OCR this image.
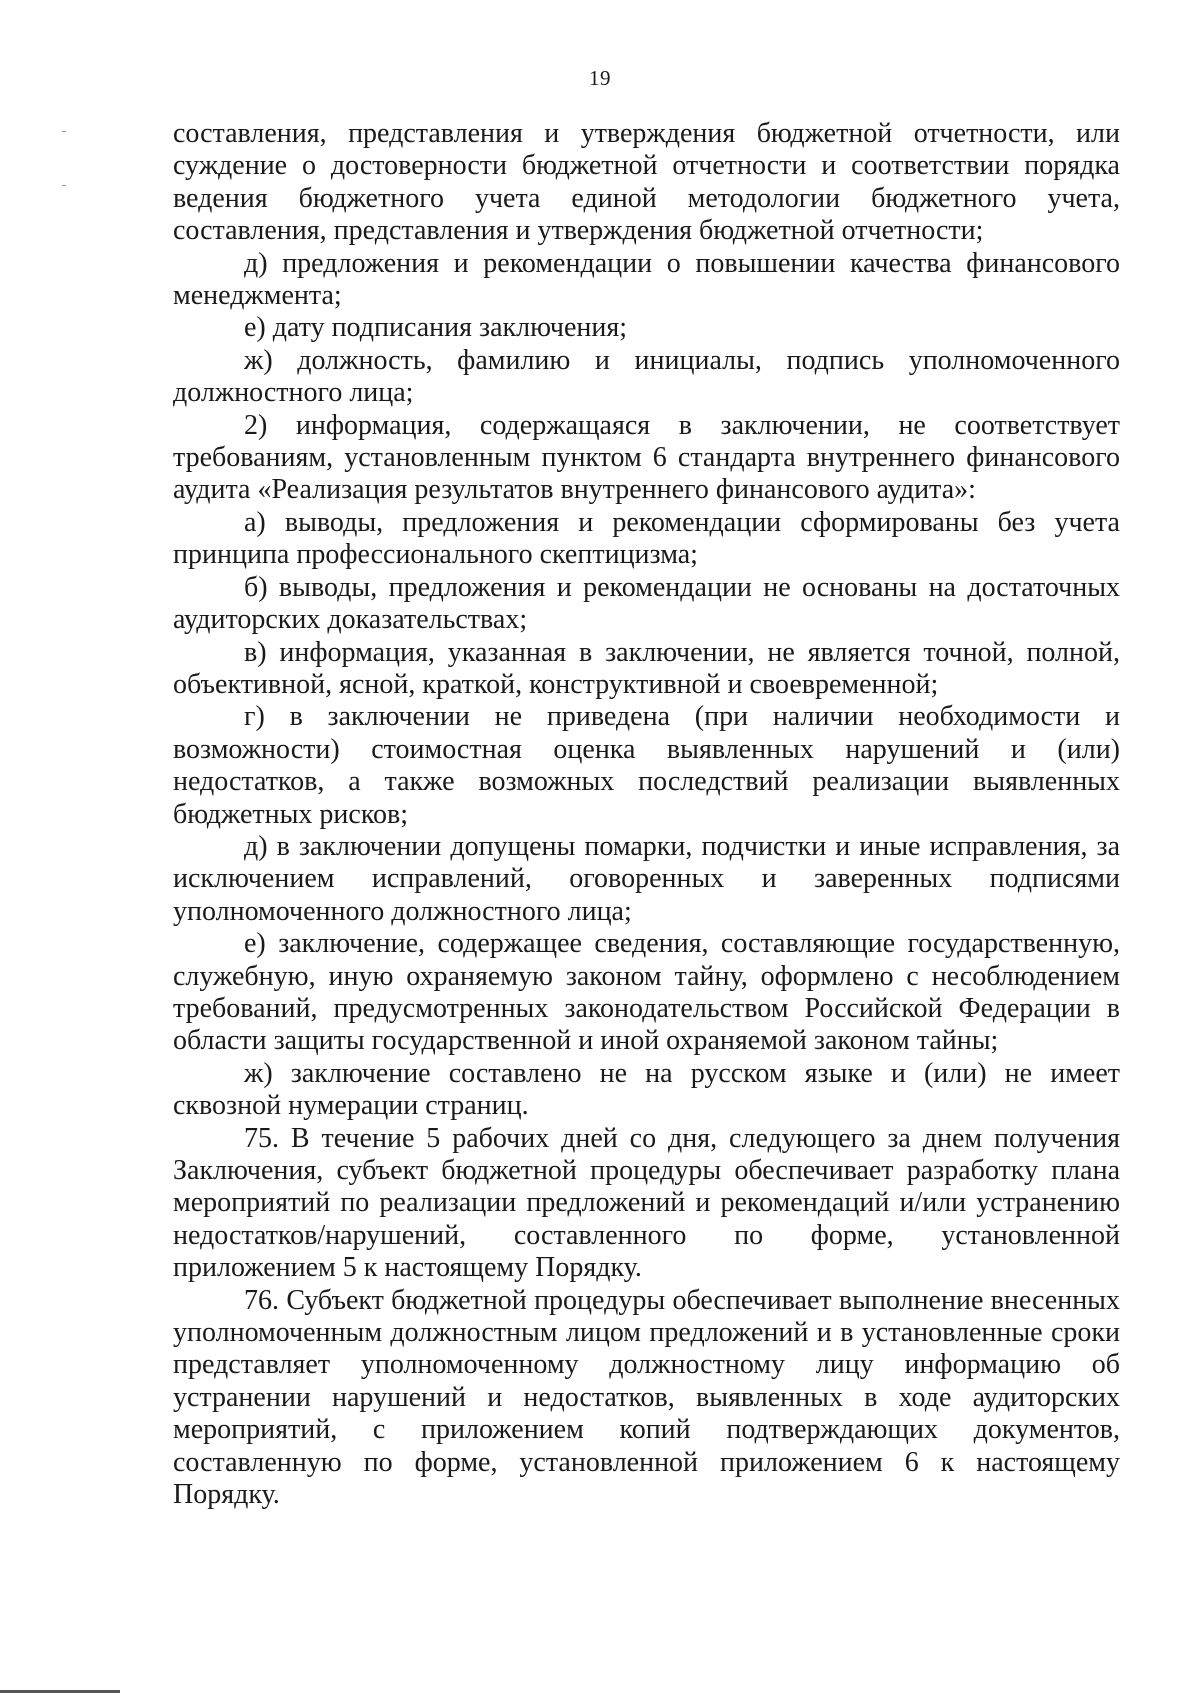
19

составления, представления и утверждения бюджетной отчетности, или суждение о достоверности бюджетной отчетности и соответствии порядка ведения бюджетного учета единой методологии бюджетного учета, составления, представления и утверждения бюджетной отчетности;

д) предложения и рекомендации о повышении качества финансового менеджмента;

е) дату подписания заключения;

ж) должность, фамилию и инициалы, подпись уполномоченного должностного лица;

2) информация, содержащаяся в заключении, не соответствует требованиям, установленным пунктом 6 стандарта внутреннего финансового аудита «Реализация результатов внутреннего финансового аудита»:

а) выводы, предложения и рекомендации сформированы без учета принципа профессионального скептицизма;

б) выводы, предложения и рекомендации не основаны на достаточных аудиторских доказательствах;

в) информация, указанная в заключении, не является точной, полной, объективной, ясной, краткой, конструктивной и своевременной;

г) в заключении не приведена (при наличии необходимости и возможности) стоимостная оценка выявленных нарушений и (или) недостатков, а также возможных последствий реализации выявленных бюджетных рисков;

д) в заключении допущены помарки, подчистки и иные исправления, за исключением исправлений, оговоренных и заверенных подписями уполномоченного должностного лица;

е) заключение, содержащее сведения, составляющие государственную, служебную, иную охраняемую законом тайну, оформлено с несоблюдением требований, предусмотренных законодательством Российской Федерации в области защиты государственной и иной охраняемой законом тайны;

ж) заключение составлено не на русском языке и (или) не имеет сквозной нумерации страниц.

75. В течение 5 рабочих дней со дня, следующего за днем получения Заключения, субъект бюджетной процедуры обеспечивает разработку плана мероприятий по реализации предложений и рекомендаций и/или устранению недостатков/нарушений, составленного по форме, установленной приложением 5 к настоящему Порядку.

76. Субъект бюджетной процедуры обеспечивает выполнение внесенных уполномоченным должностным лицом предложений и в установленные сроки представляет уполномоченному должностному лицу информацию об устранении нарушений и недостатков, выявленных в ходе аудиторских мероприятий, с приложением копий подтверждающих документов, составленную по форме, установленной приложением 6 к настоящему Порядку.
